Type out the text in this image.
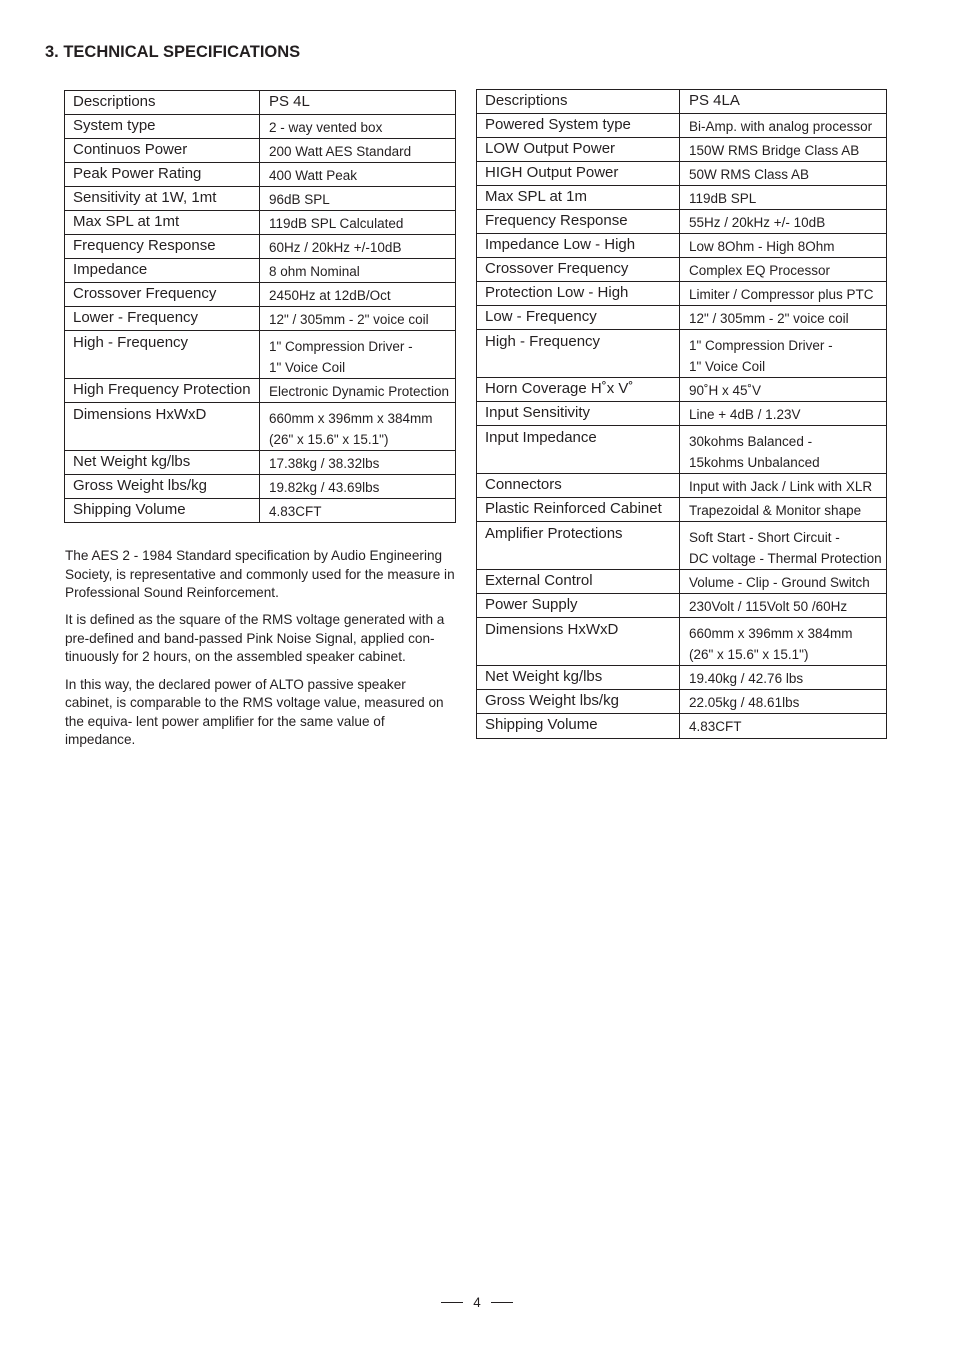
3. TECHNICAL SPECIFICATIONS
Descriptions	PS 4L

System type	2 - way vented box

Continuos Power	200 Watt AES Standard

Peak Power Rating	400 Watt Peak

Sensitivity at 1W, 1mt	96dB SPL

Max SPL at 1mt	119dB SPL Calculated

Frequency Response	60Hz / 20kHz +/-10dB

Impedance	8 ohm Nominal

Crossover Frequency	2450Hz at 12dB/Oct

Lower - Frequency	12" / 305mm - 2" voice coil

High - Frequency	1" Compression Driver -
1" Voice Coil

High Frequency Protection	Electronic Dynamic Protection

Dimensions HxWxD	660mm x 396mm x 384mm
(26" x 15.6" x 15.1")

Net Weight kg/lbs	17.38kg / 38.32lbs

Gross Weight lbs/kg	19.82kg / 43.69lbs

Shipping Volume	4.83CFT
Descriptions	PS 4LA

Powered System type	Bi-Amp. with analog processor

LOW Output Power	150W RMS Bridge Class AB

HIGH Output Power	50W RMS Class AB

Max SPL at 1m	119dB SPL

Frequency Response	55Hz / 20kHz +/- 10dB

Impedance Low - High	Low 8Ohm - High 8Ohm

Crossover Frequency	Complex EQ Processor

Protection Low - High	Limiter / Compressor plus PTC

Low - Frequency	12" / 305mm - 2" voice coil

High - Frequency	1" Compression Driver -
1" Voice Coil

Horn Coverage H˚x V˚	90˚H x 45˚V

Input Sensitivity	Line + 4dB / 1.23V

Input Impedance	30kohms Balanced -
15kohms Unbalanced

Connectors	Input with Jack / Link with XLR

Plastic Reinforced Cabinet	Trapezoidal & Monitor shape

Amplifier Protections	Soft Start - Short Circuit -
DC voltage - Thermal Protection

External Control	Volume - Clip - Ground Switch

Power Supply	230Volt / 115Volt 50 /60Hz

Dimensions HxWxD	660mm x 396mm x 384mm
(26" x 15.6" x 15.1")

Net Weight kg/lbs	19.40kg / 42.76 lbs

Gross Weight lbs/kg	22.05kg / 48.61lbs

Shipping Volume	4.83CFT

The AES 2 - 1984 Standard specification by Audio Engineering Society, is representative and commonly used for the measure in Professional Sound Reinforcement.

It is defined as the square of the RMS voltage generated with a pre-defined and band-passed Pink Noise Signal, applied con- tinuously for 2 hours, on the assembled speaker cabinet.

In this way, the declared power of ALTO passive speaker cabinet, is comparable to the RMS voltage value, measured on the equiva- lent power amplifier for the same value of impedance.

4
